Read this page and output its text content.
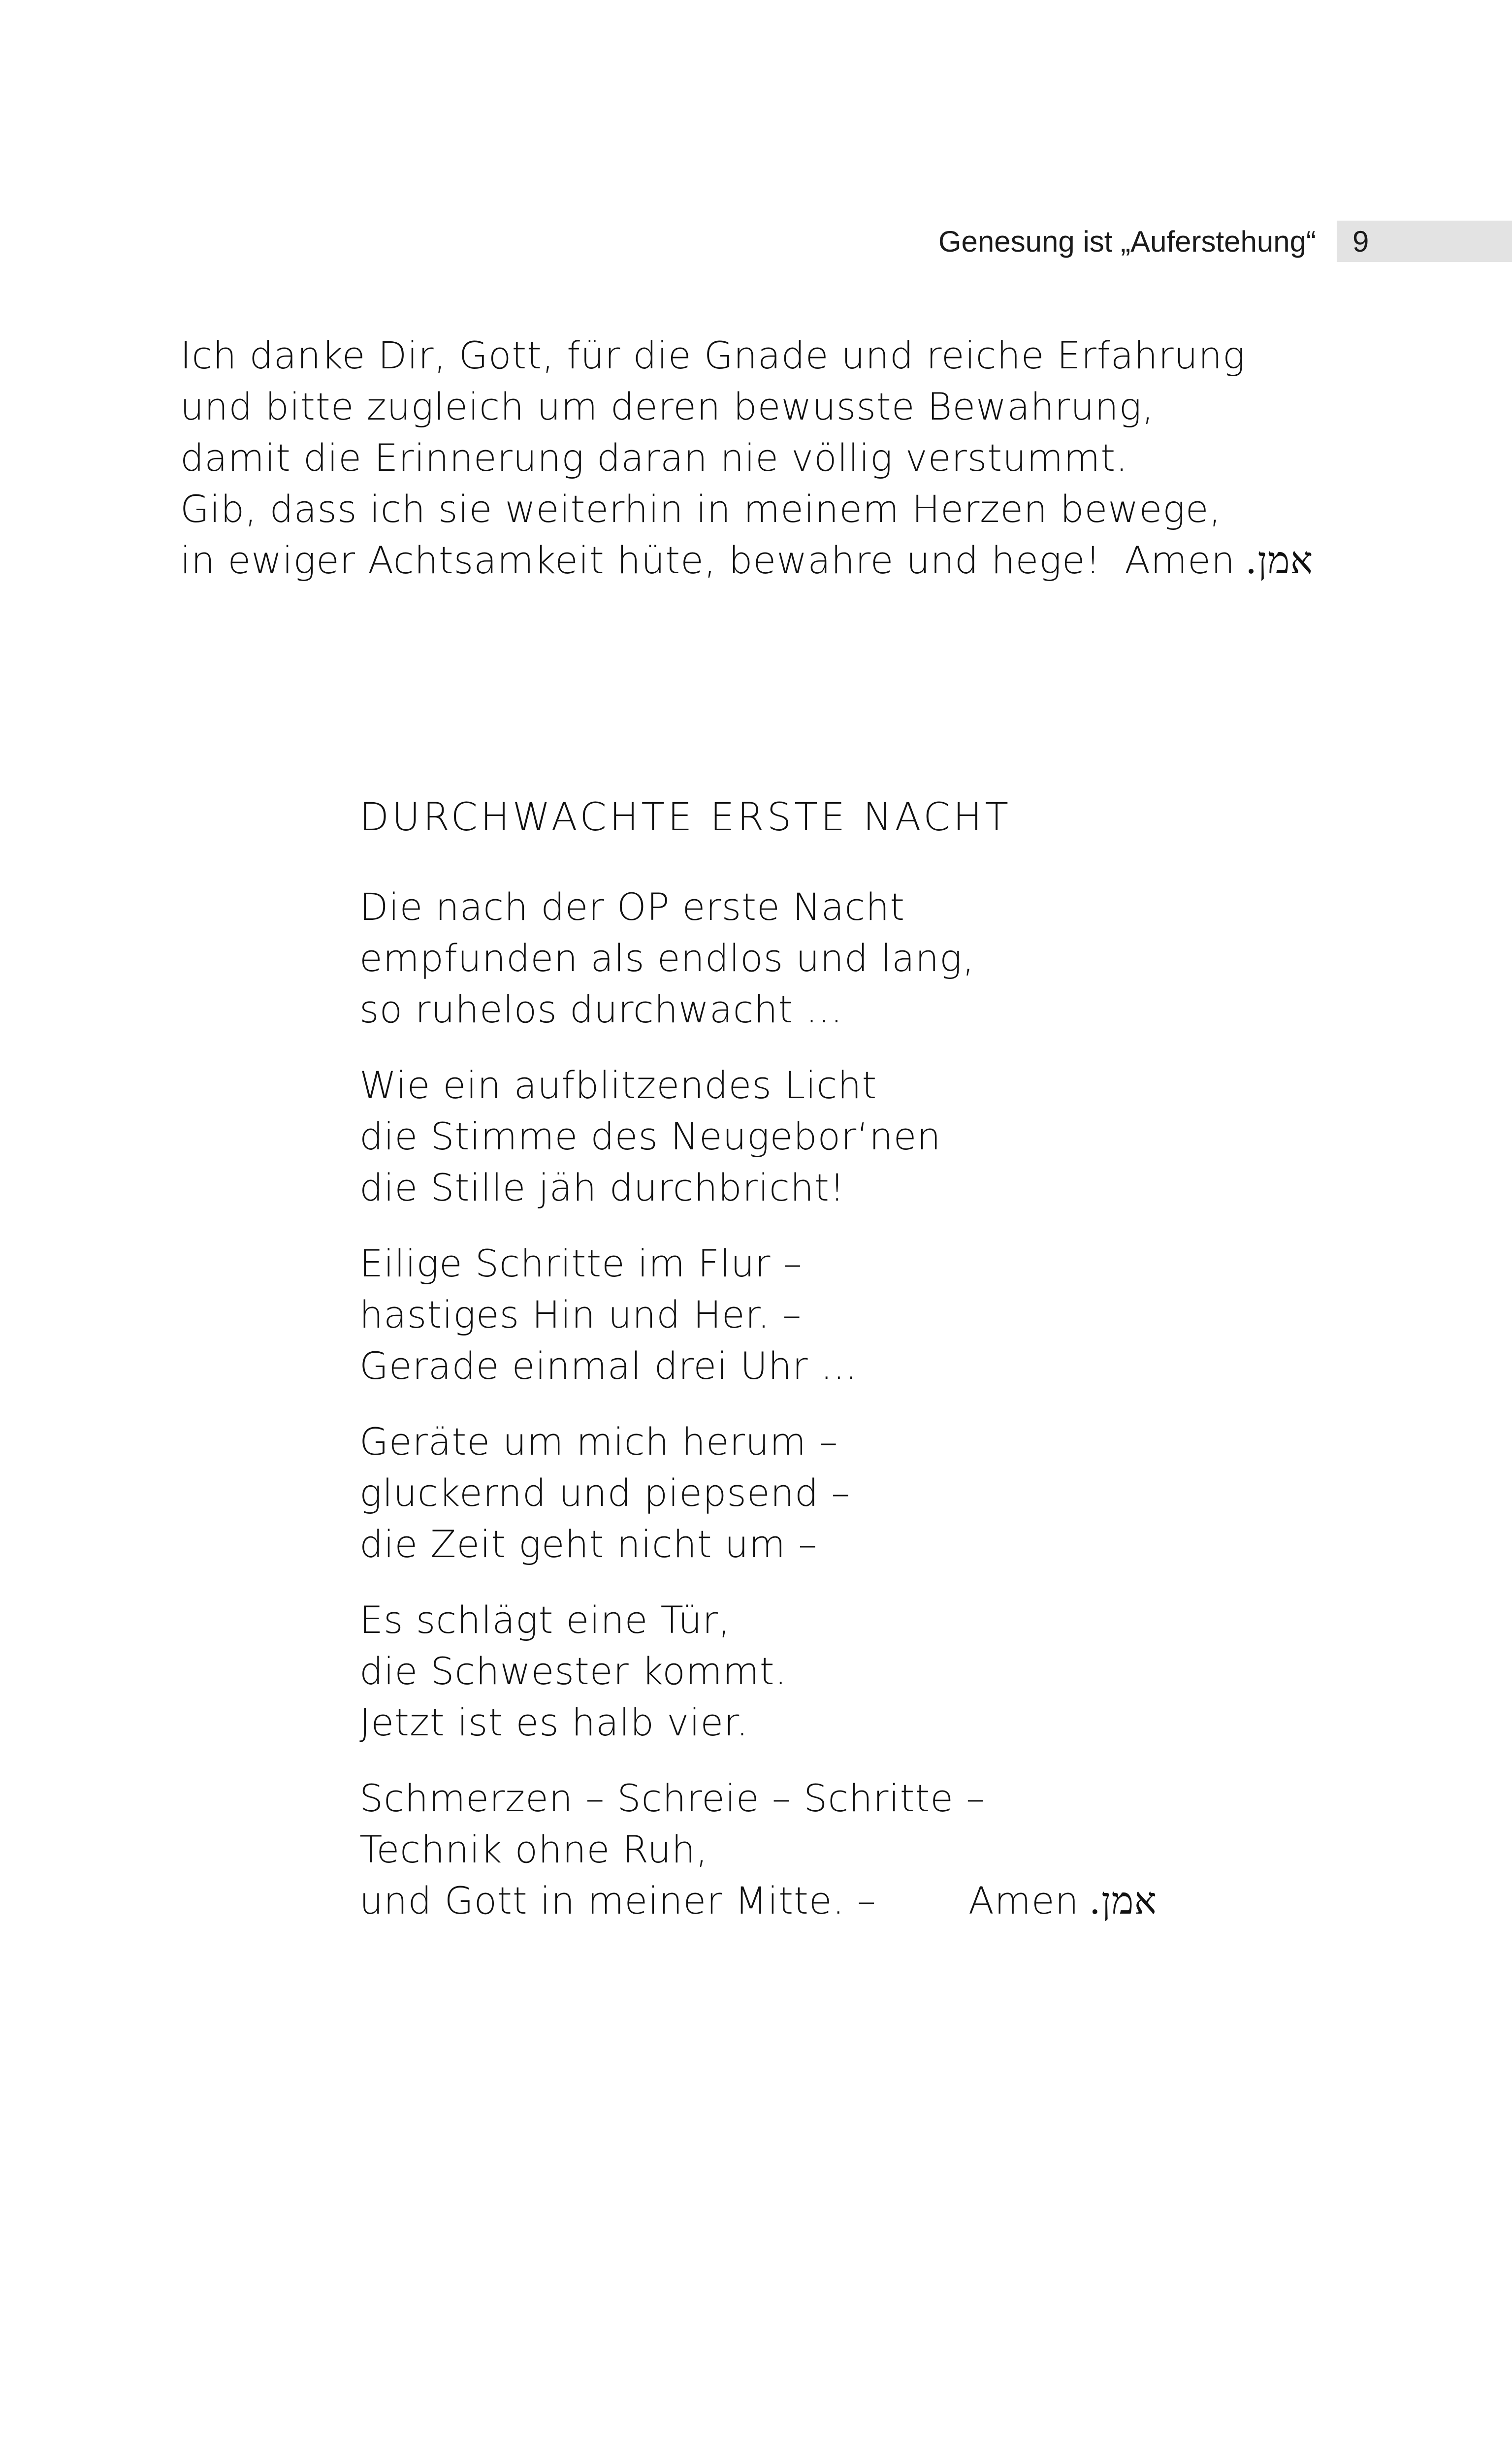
Genesung ist „Auferstehung“	9
Ich danke Dir, Gott, für die Gnade und reiche Erfahrung
und bitte zugleich um deren bewusste Bewahrung,
damit die Erinnerung daran nie völlig verstummt.
Gib, dass ich sie weiterhin in meinem Herzen bewege,
in ewiger Achtsamkeit hüte, bewahre und hege! Amen .אמן
DURCHWACHTE ERSTE NACHT
Die nach der OP erste Nacht
empfunden als endlos und lang,
so ruhelos durchwacht ...
Wie ein aufblitzendes Licht
die Stimme des Neugebor‘nen
die Stille jäh durchbricht!
Eilige Schritte im Flur –
hastiges Hin und Her. –
Gerade einmal drei Uhr ...
Geräte um mich herum –
gluckernd und piepsend –
die Zeit geht nicht um –
Es schlägt eine Tür,
die Schwester kommt.
Jetzt ist es halb vier.
Schmerzen – Schreie – Schritte –
Technik ohne Ruh,
und Gott in meiner Mitte. – Amen .אמן
